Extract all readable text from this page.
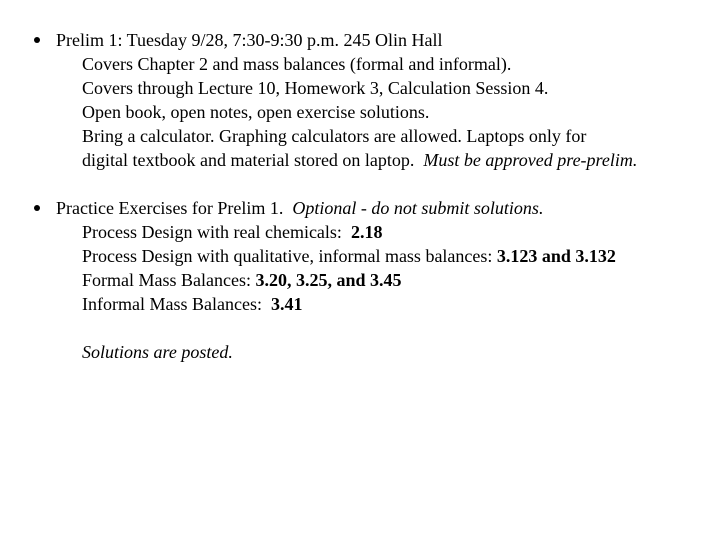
Prelim 1: Tuesday 9/28, 7:30-9:30 p.m. 245 Olin Hall
Covers Chapter 2 and mass balances (formal and informal).
Covers through Lecture 10, Homework 3, Calculation Session 4.
Open book, open notes, open exercise solutions.
Bring a calculator. Graphing calculators are allowed. Laptops only for
digital textbook and material stored on laptop.  Must be approved pre-prelim.
Practice Exercises for Prelim 1.  Optional - do not submit solutions.
Process Design with real chemicals:  2.18
Process Design with qualitative, informal mass balances: 3.123 and 3.132
Formal Mass Balances: 3.20, 3.25, and 3.45
Informal Mass Balances:  3.41
Solutions are posted.
